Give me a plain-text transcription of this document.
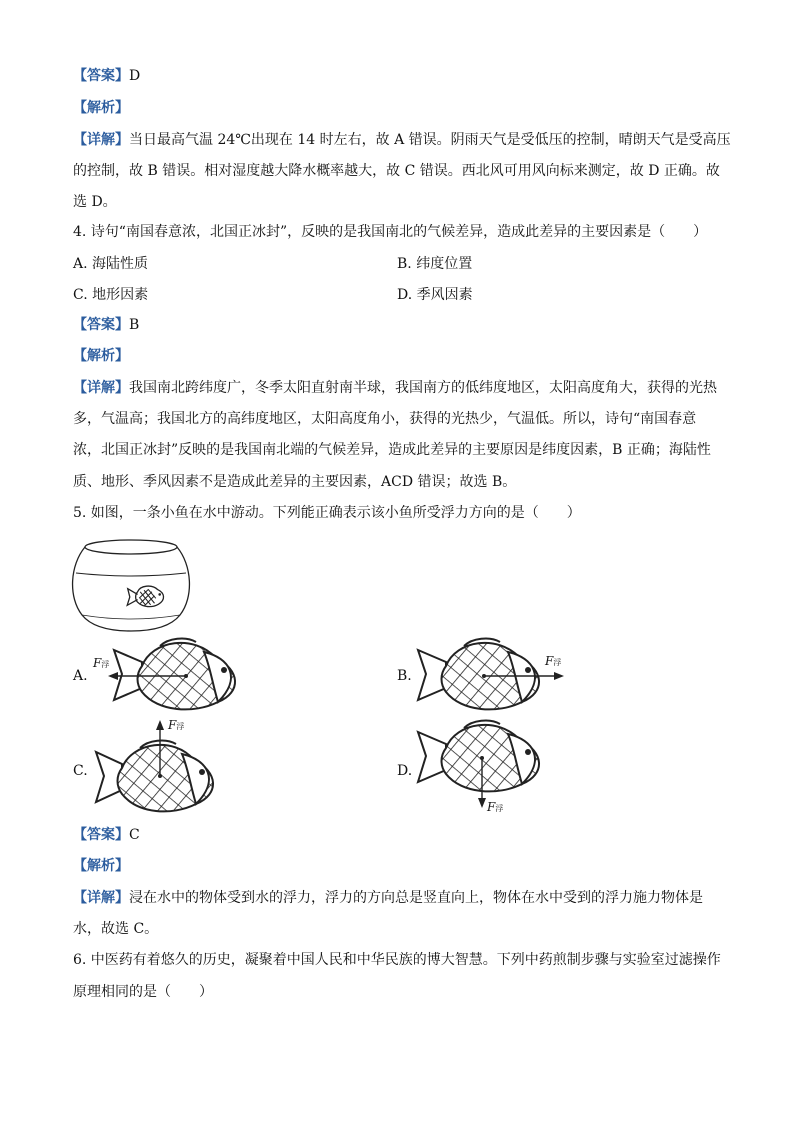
【答案】D
【解析】
【详解】当日最高气温 24℃出现在 14 时左右，故 A 错误。阴雨天气是受低压的控制，晴朗天气是受高压
的控制，故 B 错误。相对湿度越大降水概率越大，故 C 错误。西北风可用风向标来测定，故 D 正确。故
选 D。
4. 诗句“南国春意浓，北国正冰封”，反映的是我国南北的气候差异，造成此差异的主要因素是（　　）
A. 海陆性质	B. 纬度位置
C. 地形因素	D. 季风因素
【答案】B
【解析】
【详解】我国南北跨纬度广，冬季太阳直射南半球，我国南方的低纬度地区，太阳高度角大，获得的光热
多，气温高；我国北方的高纬度地区，太阳高度角小，获得的光热少，气温低。所以，诗句“南国春意
浓，北国正冰封”反映的是我国南北端的气候差异，造成此差异的主要原因是纬度因素，B 正确；海陆性
质、地形、季风因素不是造成此差异的主要因素，ACD 错误；故选 B。
5. 如图，一条小鱼在水中游动。下列能正确表示该小鱼所受浮力方向的是（　　）
A.
F浮
B.
F浮
C.
F浮
D.
F浮
【答案】C
【解析】
【详解】浸在水中的物体受到水的浮力，浮力的方向总是竖直向上，物体在水中受到的浮力施力物体是
水，故选 C。
6. 中医药有着悠久的历史，凝聚着中国人民和中华民族的博大智慧。下列中药煎制步骤与实验室过滤操作
原理相同的是（　　）
